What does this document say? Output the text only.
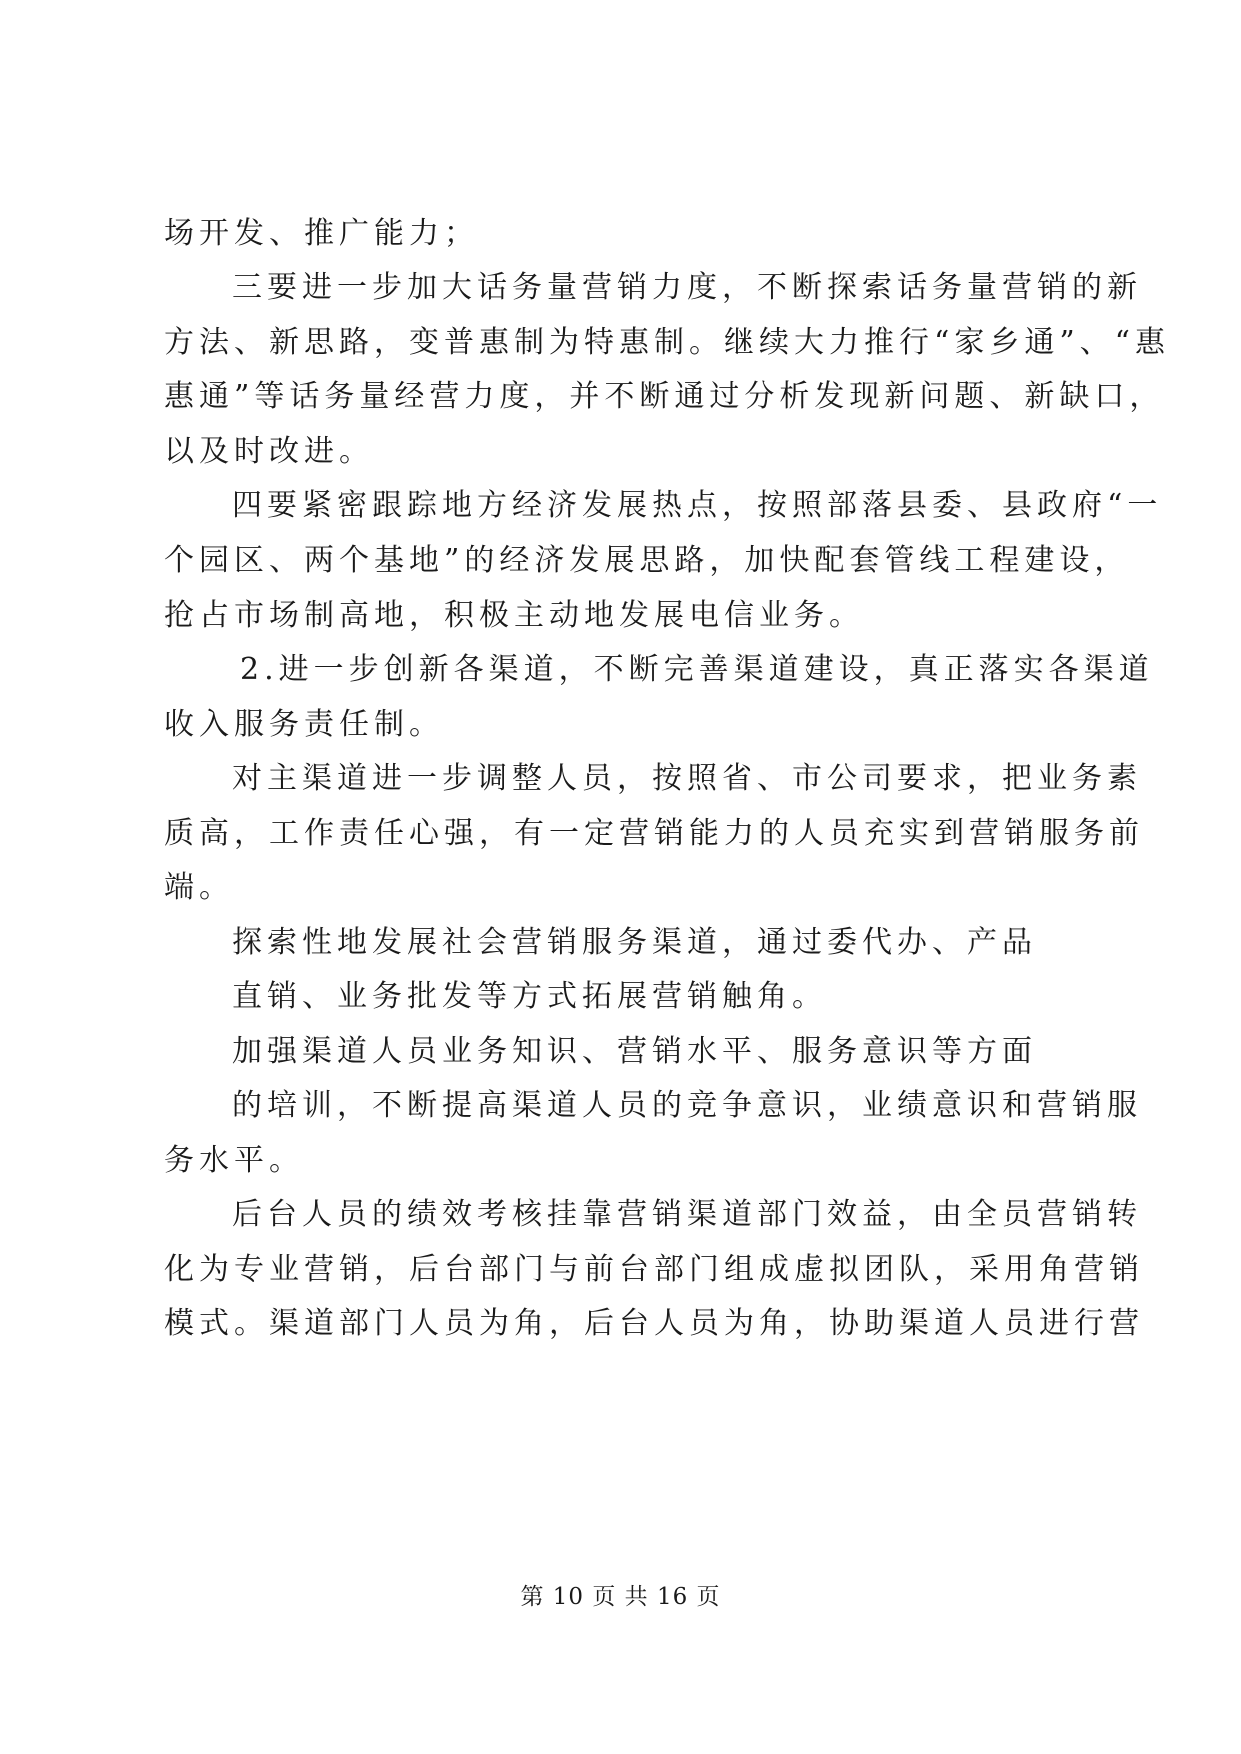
场开发、推广能力；
三要进一步加大话务量营销力度，不断探索话务量营销的新
方法、新思路，变普惠制为特惠制。继续大力推行“家乡通”、“惠
惠通”等话务量经营力度，并不断通过分析发现新问题、新缺口，
以及时改进。
四要紧密跟踪地方经济发展热点，按照部落县委、县政府“一
个园区、两个基地”的经济发展思路，加快配套管线工程建设，
抢占市场制高地，积极主动地发展电信业务。
2.进一步创新各渠道，不断完善渠道建设，真正落实各渠道
收入服务责任制。
对主渠道进一步调整人员，按照省、市公司要求，把业务素
质高，工作责任心强，有一定营销能力的人员充实到营销服务前
端。
探索性地发展社会营销服务渠道，通过委代办、产品
直销、业务批发等方式拓展营销触角。
加强渠道人员业务知识、营销水平、服务意识等方面
的培训，不断提高渠道人员的竞争意识，业绩意识和营销服
务水平。
后台人员的绩效考核挂靠营销渠道部门效益，由全员营销转
化为专业营销，后台部门与前台部门组成虚拟团队，采用角营销
模式。渠道部门人员为角，后台人员为角，协助渠道人员进行营
第 10 页 共 16 页
